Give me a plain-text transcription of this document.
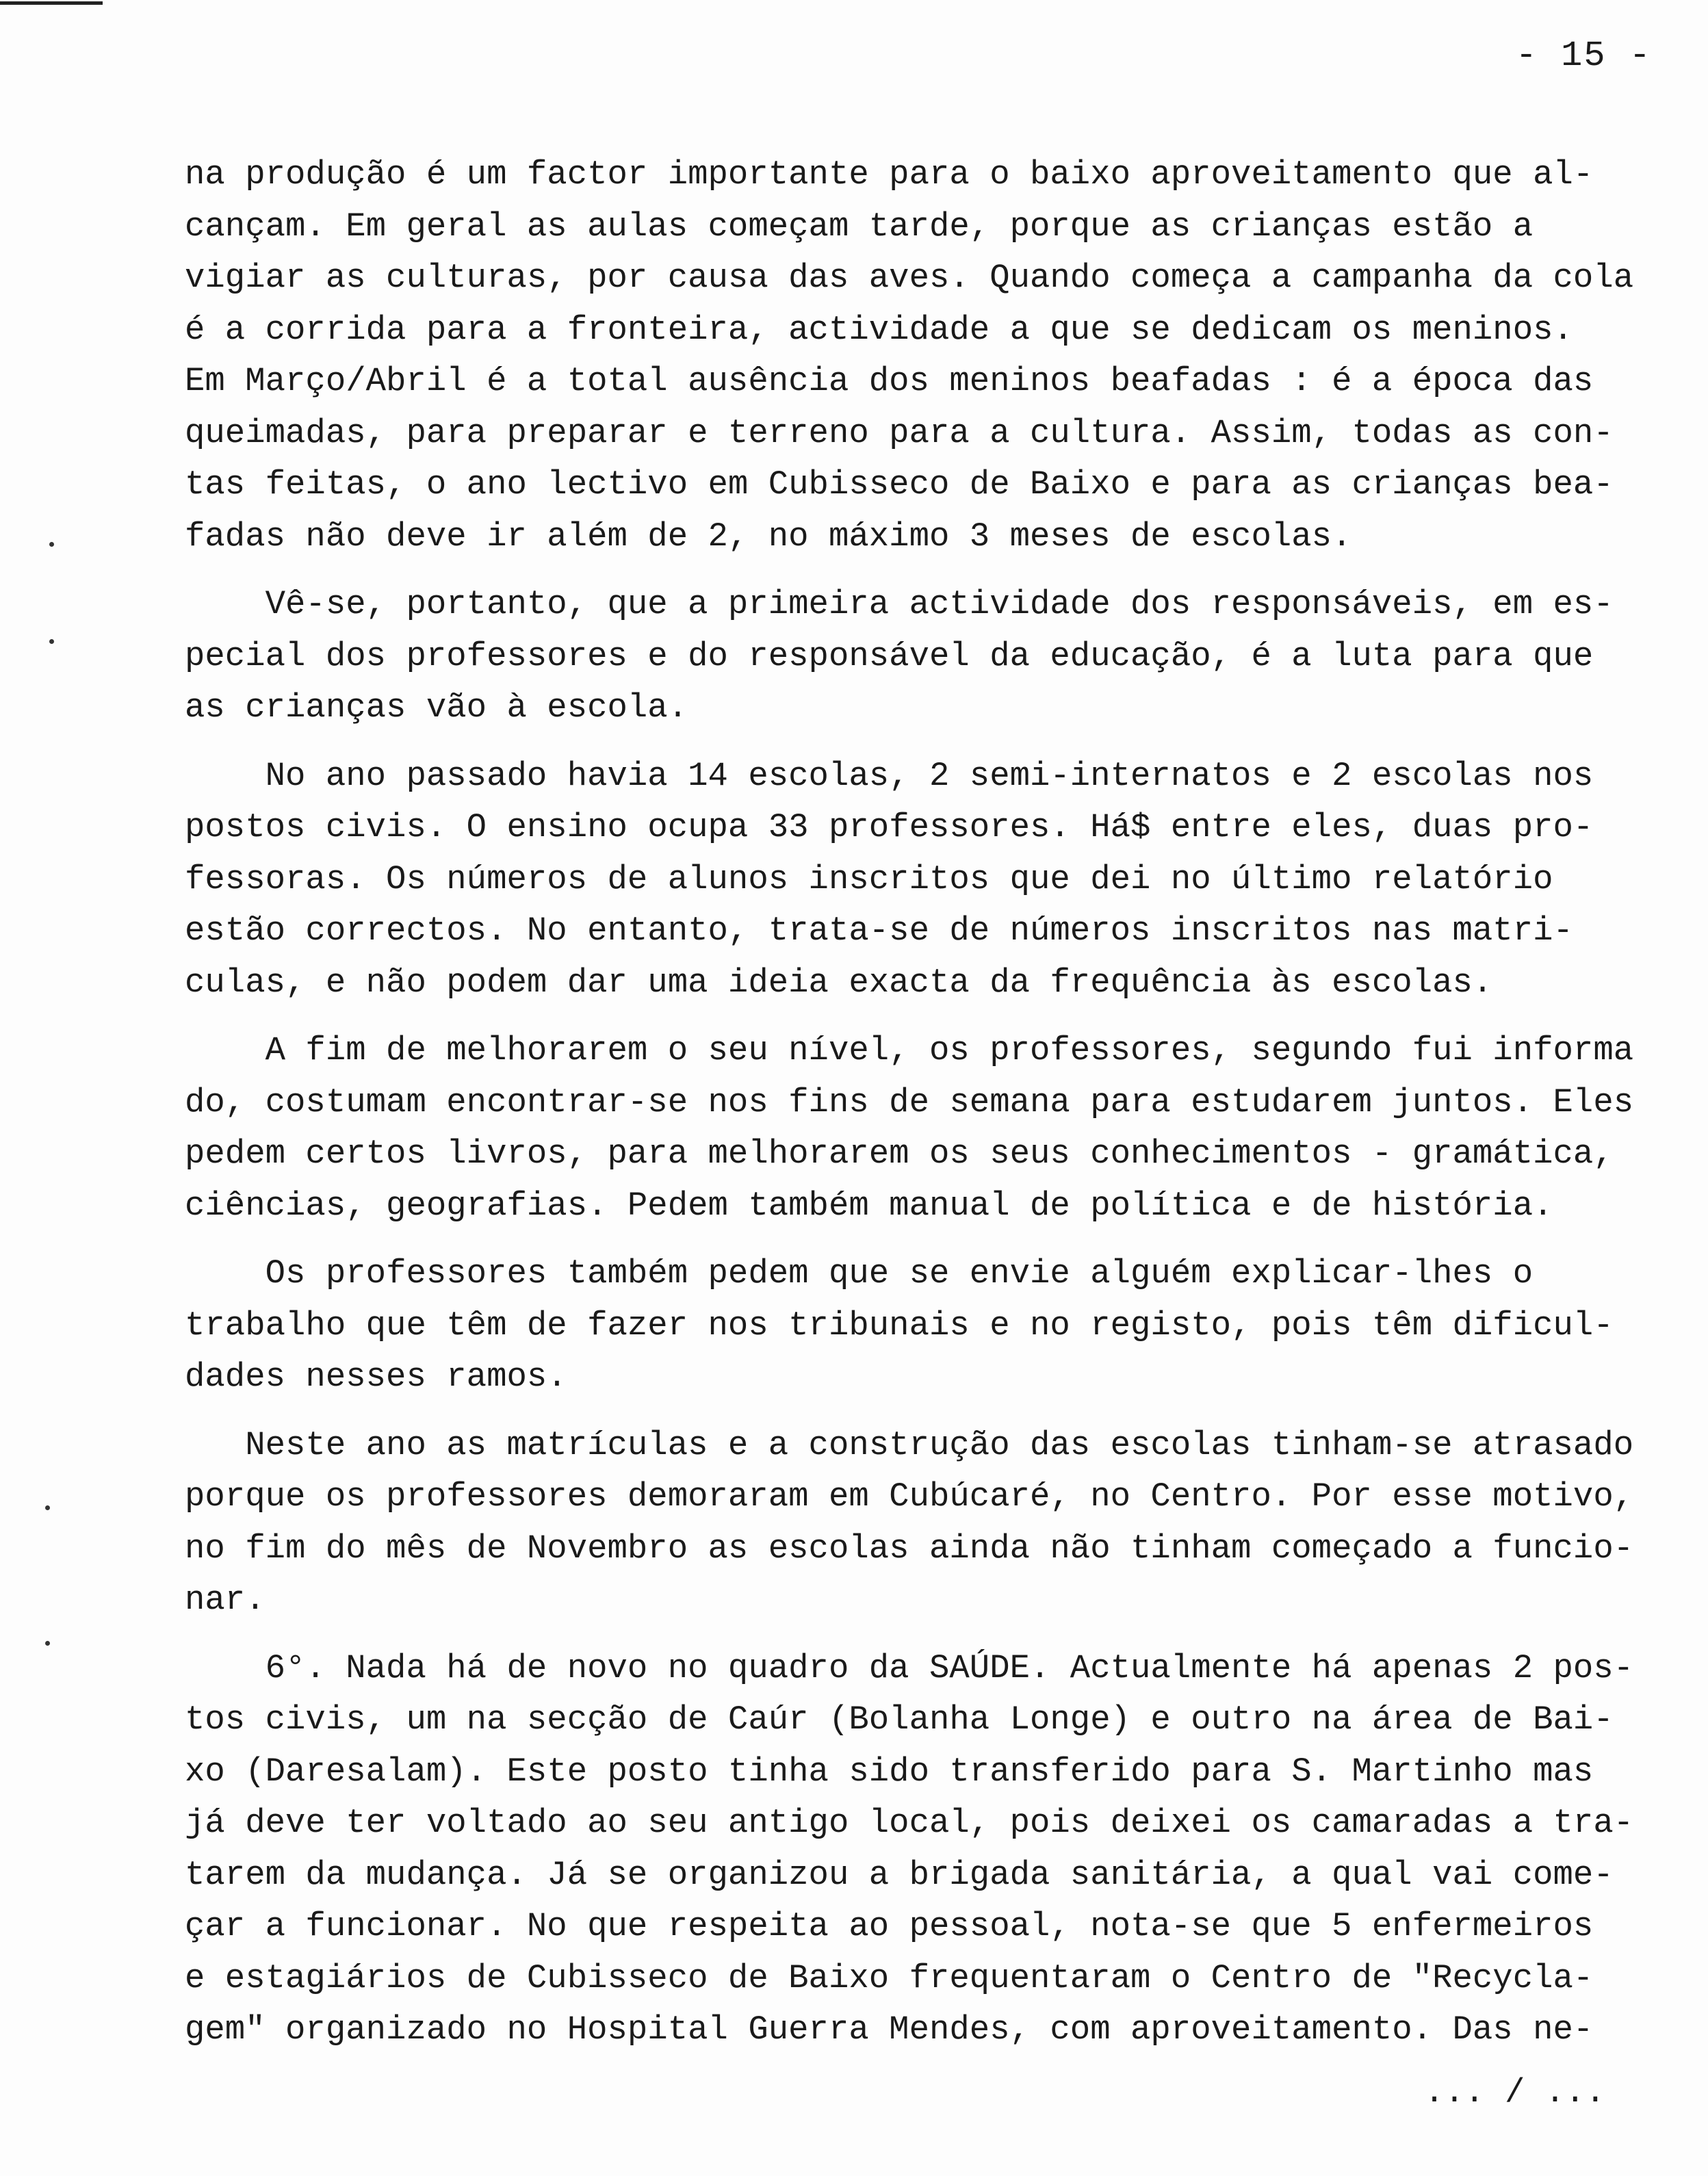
- 15 -
na produção é um factor importante para o baixo aproveitamento que al-
cançam. Em geral as aulas começam tarde, porque as crianças estão a
vigiar as culturas, por causa das aves. Quando começa a campanha da cola
é a corrida para a fronteira, actividade a que se dedicam os meninos.
Em Março/Abril é a total ausência dos meninos beafadas : é a época das
queimadas, para preparar e terreno para a cultura. Assim, todas as con-
tas feitas, o ano lectivo em Cubisseco de Baixo e para as crianças bea-
fadas não deve ir além de 2, no máximo 3 meses de escolas.
Vê-se, portanto, que a primeira actividade dos responsáveis, em es-
pecial dos professores e do responsável da educação, é a luta para que
as crianças vão à escola.
No ano passado havia 14 escolas, 2 semi-internatos e 2 escolas nos
postos civis. O ensino ocupa 33 professores. Há$ entre eles, duas pro-
fessoras. Os números de alunos inscritos que dei no último relatório
estão correctos. No entanto, trata-se de números inscritos nas matri-
culas, e não podem dar uma ideia exacta da frequência às escolas.
A fim de melhorarem o seu nível, os professores, segundo fui informa
do, costumam encontrar-se nos fins de semana para estudarem juntos. Eles
pedem certos livros, para melhorarem os seus conhecimentos - gramática,
ciências, geografias. Pedem também manual de política e de história.
Os professores também pedem que se envie alguém explicar-lhes o
trabalho que têm de fazer nos tribunais e no registo, pois têm dificul-
dades nesses ramos.
Neste ano as matrículas e a construção das escolas tinham-se atrasado
porque os professores demoraram em Cubúcaré, no Centro. Por esse motivo,
no fim do mês de Novembro as escolas ainda não tinham começado a funcio-
nar.
6°. Nada há de novo no quadro da SAÚDE. Actualmente há apenas 2 pos-
tos civis, um na secção de Caúr (Bolanha Longe) e outro na área de Bai-
xo (Daresalam). Este posto tinha sido transferido para S. Martinho mas
já deve ter voltado ao seu antigo local, pois deixei os camaradas a tra-
tarem da mudança. Já se organizou a brigada sanitária, a qual vai come-
çar a funcionar. No que respeita ao pessoal, nota-se que 5 enfermeiros
e estagiários de Cubisseco de Baixo frequentaram o Centro de "Recycla-
gem" organizado no Hospital Guerra Mendes, com aproveitamento. Das ne-
... / ...
